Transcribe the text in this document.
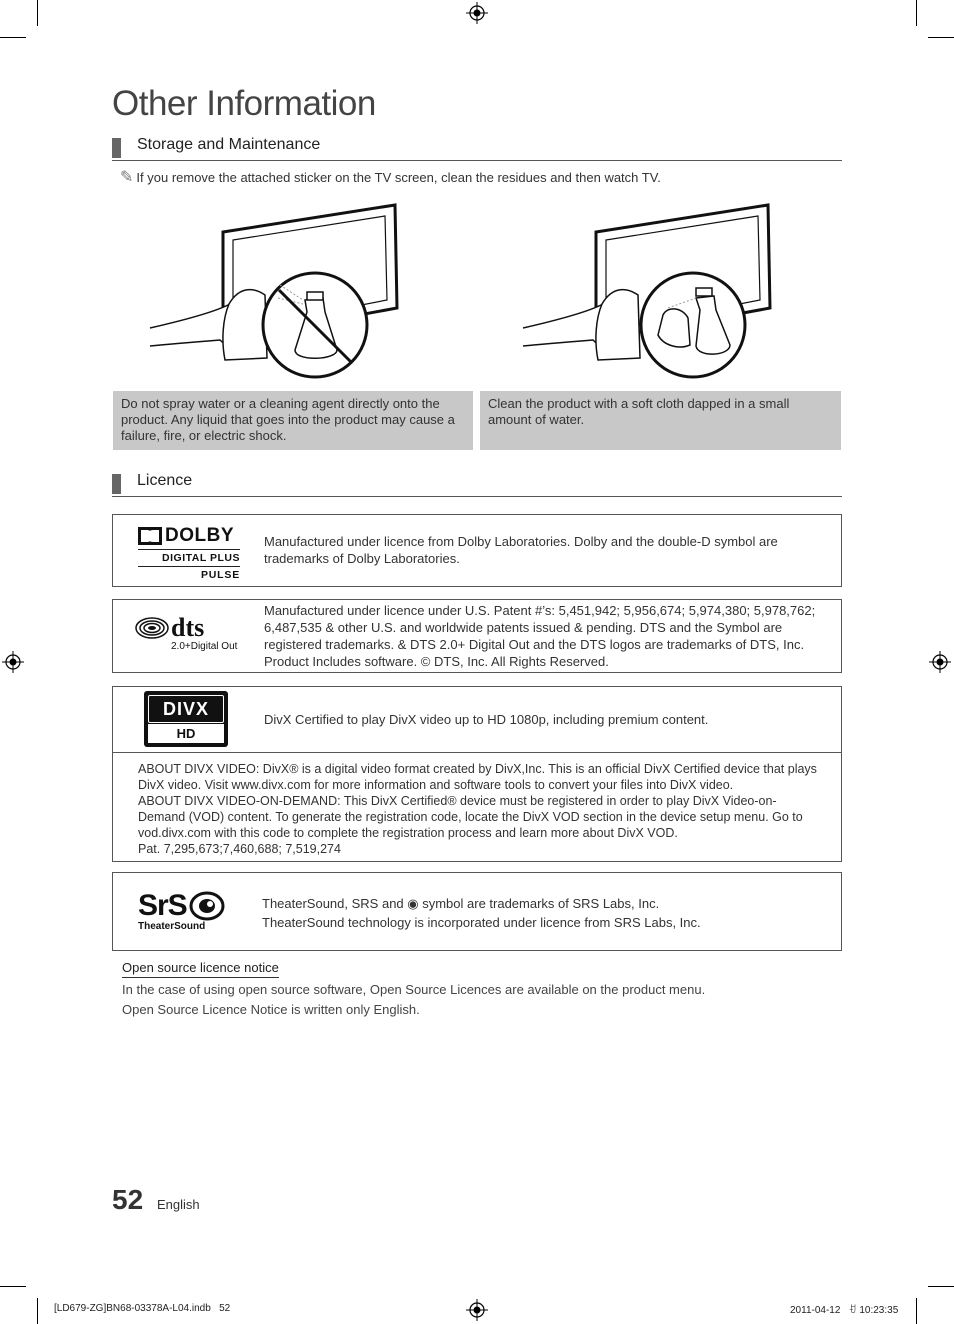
Other Information
Storage and Maintenance
✎ If you remove the attached sticker on the TV screen, clean the residues and then watch TV.
Do not spray water or a cleaning agent directly onto the product. Any liquid that goes into the product may cause a failure, fire, or electric shock.
Clean the product with a soft cloth dapped in a small amount of water.
Licence
DOLBY
DIGITAL PLUS
PULSE
Manufactured under licence from Dolby Laboratories. Dolby and the double-D symbol are trademarks of Dolby Laboratories.
dts
2.0+Digital Out
Manufactured under licence under U.S. Patent #’s: 5,451,942; 5,956,674; 5,974,380; 5,978,762; 6,487,535 & other U.S. and worldwide patents issued & pending. DTS and the Symbol are registered trademarks. & DTS 2.0+ Digital Out and the DTS logos are trademarks of DTS, Inc. Product Includes software. © DTS, Inc. All Rights Reserved.
DIVX
HD
DivX Certified to play DivX video up to HD 1080p, including premium content.
ABOUT DIVX VIDEO: DivX® is a digital video format created by DivX,Inc. This is an official DivX Certified device that plays DivX video. Visit www.divx.com for more information and software tools to convert your files into DivX video.
ABOUT DIVX VIDEO-ON-DEMAND: This DivX Certified® device must be registered in order to play DivX Video-on-Demand (VOD) content. To generate the registration code, locate the DivX VOD section in the device setup menu. Go to vod.divx.com with this code to complete the registration process and learn more about DivX VOD.
Pat. 7,295,673;7,460,688; 7,519,274
SrS
TheaterSound
TheaterSound, SRS and ◉ symbol are trademarks of SRS Labs, Inc.
TheaterSound technology is incorporated under licence from SRS Labs, Inc.
Open source licence notice
In the case of using open source software, Open Source Licences are available on the product menu.
Open Source Licence Notice is written only English.
52 English
[LD679-ZG]BN68-03378A-L04.indb   52	2011-04-12   ꀀ 10:23:35
